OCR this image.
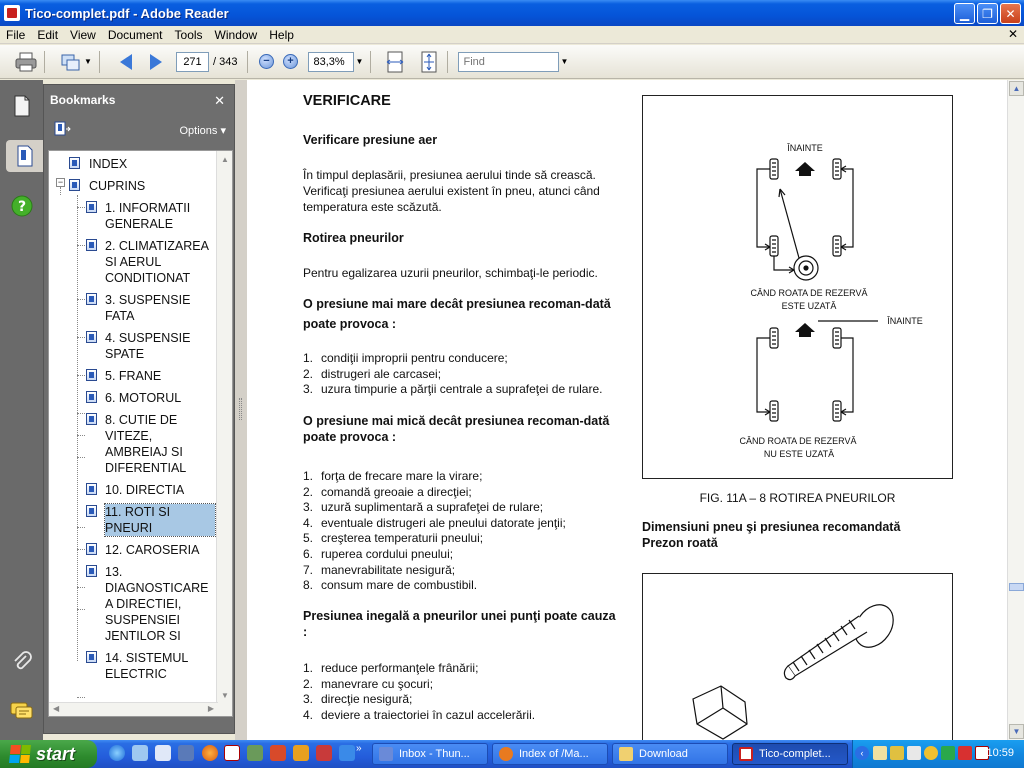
Tico-complet.pdf - Adobe Reader	▁	❐	✕
File	Edit	View	Document	Tools	Window	Help	✕
▼
271	/ 343	−	+
83,3%	▼
Find	▼
?
Bookmarks	✕
Options ▾
−
INDEX
CUPRINS
1. INFORMATII GENERALE
2. CLIMATIZAREA SI AERUL CONDITIONAT
3. SUSPENSIE FATA
4. SUSPENSIE SPATE
5. FRANE
6. MOTORUL
8. CUTIE DE VITEZE, AMBREIAJ SI DIFERENTIAL
10. DIRECTIA
11. ROTI SI PNEURI
12. CAROSERIA
13. DIAGNOSTICARE A DIRECTIEI, SUSPENSIEI JENTILOR SI
14. SISTEMUL ELECTRIC
▲
▼
◀	▶
VERIFICARE
Verificare presiune aer
În timpul deplasării, presiunea aerului tinde să crească. Verificaţi presiunea aerului existent în pneu, atunci când temperatura este scăzută.
Rotirea pneurilor
Pentru egalizarea uzurii pneurilor, schimbaţi-le periodic.
O presiune mai mare decât presiunea recoman-dată poate provoca :
1. condiţii improprii pentru conducere;
2. distrugeri ale carcasei;
3. uzura timpurie a părţii centrale a suprafeţei de rulare.
O presiune mai mică decât presiunea recoman-dată poate provoca :
1. forţa de frecare mare la virare;
2. comandă greoaie a direcţiei;
3. uzură suplimentară a suprafeţei de rulare;
4. eventuale distrugeri ale pneului datorate jenţii;
5. creşterea temperaturii pneului;
6. ruperea cordului pneului;
7. manevrabilitate nesigură;
8. consum mare de combustibil.
Presiunea inegală a pneurilor unei punţi poate cauza :
1. reduce performanţele frânării;
2. manevrare cu şocuri;
3. direcţie nesigură;
4. deviere a traiectoriei în cazul accelerării.
ÎNAINTE
CÂND ROATA DE REZERVĂ
ESTE UZATĂ
ÎNAINTE
CÂND ROATA DE REZERVĂ
NU ESTE UZATĂ
FIG. 11A – 8 ROTIREA PNEURILOR
Dimensiuni pneu şi presiunea recomandată
Prezon roată
▲
▼
start	»	Inbox - Thun...	Index of /Ma...	Download	Tico-complet...	‹	10:59
